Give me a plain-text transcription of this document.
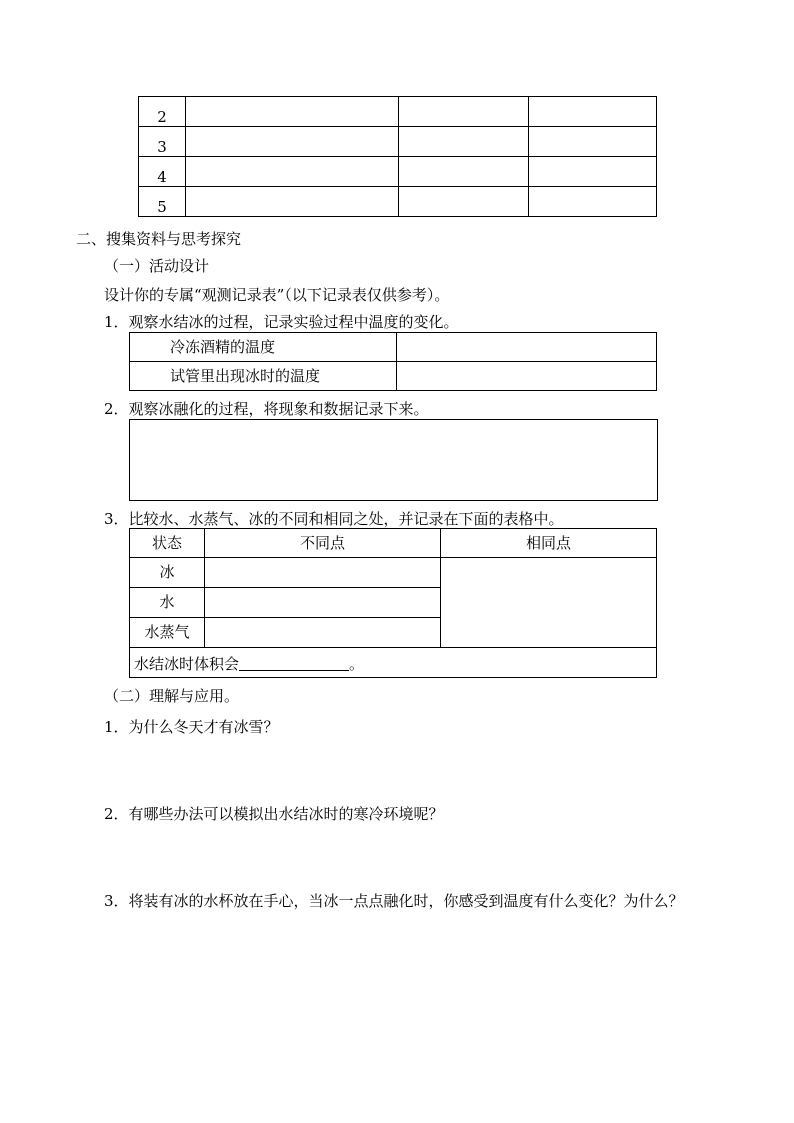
2			
3			
4			
5			
二、搜集资料与思考探究
（一）活动设计
设计你的专属“观测记录表”（以下记录表仅供参考）。
1．观察水结冰的过程，记录实验过程中温度的变化。
冷冻酒精的温度	
试管里出现冰时的温度	
2．观察冰融化的过程，将现象和数据记录下来。
3．比较水、水蒸气、冰的不同和相同之处，并记录在下面的表格中。
状态	不同点	相同点
冰		
水		
水蒸气		
水结冰时体积会 。		
（二）理解与应用。
1．为什么冬天才有冰雪？
2．有哪些办法可以模拟出水结冰时的寒冷环境呢？
3．将装有冰的水杯放在手心，当冰一点点融化时，你感受到温度有什么变化？为什么？
